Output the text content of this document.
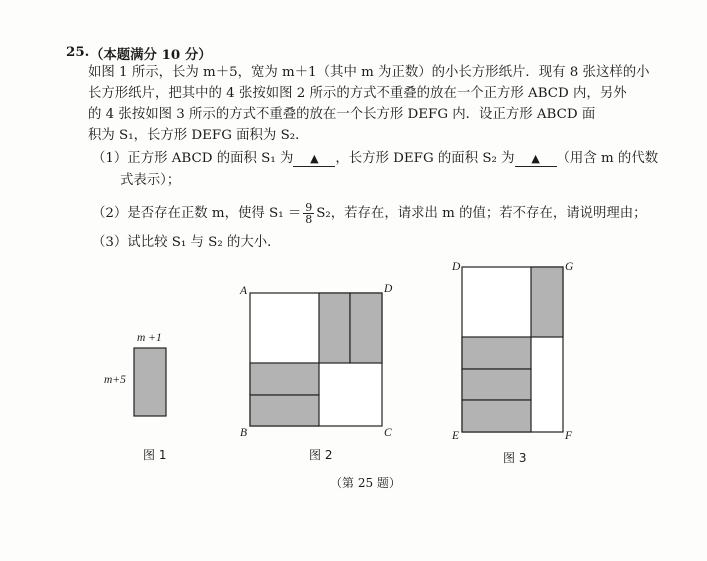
25. （本题满分 10 分）
如图 1 所示，长为 m＋5，宽为 m＋1（其中 m 为正数）的小长方形纸片．现有 8 张这样的小
长方形纸片，把其中的 4 张按如图 2 所示的方式不重叠的放在一个正方形 ABCD 内，另外
的 4 张按如图 3 所示的方式不重叠的放在一个长方形 DEFG 内．设正方形 ABCD 面
积为 S₁，长方形 DEFG 面积为 S₂．
（1）正方形 ABCD 的面积 S₁ 为 ▲ ，长方形 DEFG 的面积 S₂ 为 ▲ （用含 m 的代数
式表示）；
（2）是否存在正数 m，使得 $S_1 = \frac{9}{8} S_2$，若存在，请求出 m 的值；若不存在，请说明理由；
（3）试比较 S₁ 与 S₂ 的大小．
m +1
m+5
图 1
A	D
B	C
图 2
D	G
E	F
图 3
（第 25 题）
